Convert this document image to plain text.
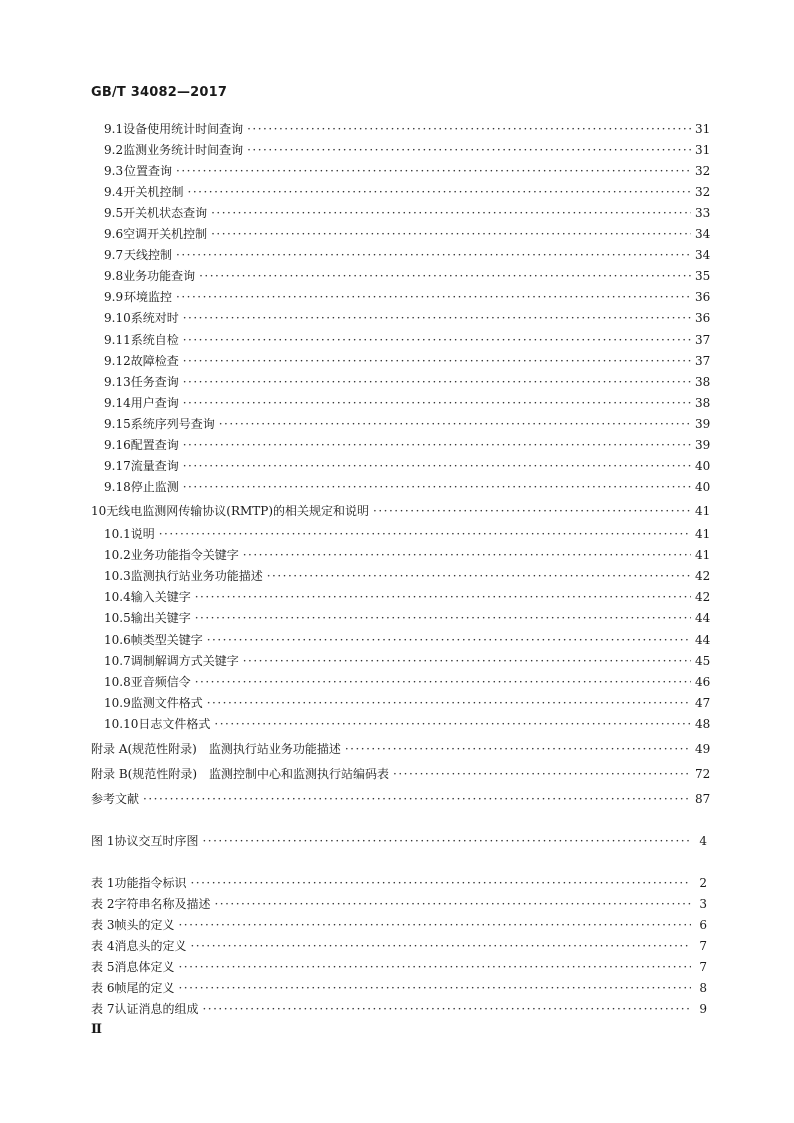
GB/T 34082—2017
9.1 设备使用统计时间查询 ·····	31
9.2 监测业务统计时间查询 ·····	31
9.3 位置查询 ·····	32
9.4 开关机控制 ·····	32
9.5 开关机状态查询 ·····	33
9.6 空调开关机控制 ·····	34
9.7 天线控制 ·····	34
9.8 业务功能查询 ·····	35
9.9 环境监控 ·····	36
9.10 系统对时 ·····	36
9.11 系统自检 ·····	37
9.12 故障检查 ·····	37
9.13 任务查询 ·····	38
9.14 用户查询 ·····	38
9.15 系统序列号查询 ·····	39
9.16 配置查询 ·····	39
9.17 流量查询 ·····	40
9.18 停止监测 ·····	40
10 无线电监测网传输协议(RMTP)的相关规定和说明 ·····	41
10.1 说明 ·····	41
10.2 业务功能指令关键字 ·····	41
10.3 监测执行站业务功能描述 ·····	42
10.4 输入关键字 ·····	42
10.5 输出关键字 ·····	44
10.6 帧类型关键字 ·····	44
10.7 调制解调方式关键字 ·····	45
10.8 亚音频信令 ·····	46
10.9 监测文件格式 ·····	47
10.10 日志文件格式 ·····	48
附录 A (规范性附录)　监测执行站业务功能描述 ·····	49
附录 B (规范性附录)　监测控制中心和监测执行站编码表 ·····	72
参考文献 ·····	87
图 1 协议交互时序图 ·····	4
表 1 功能指令标识 ·····	2
表 2 字符串名称及描述 ·····	3
表 3 帧头的定义 ·····	6
表 4 消息头的定义 ·····	7
表 5 消息体定义 ·····	7
表 6 帧尾的定义 ·····	8
表 7 认证消息的组成 ·····	9
Ⅱ
